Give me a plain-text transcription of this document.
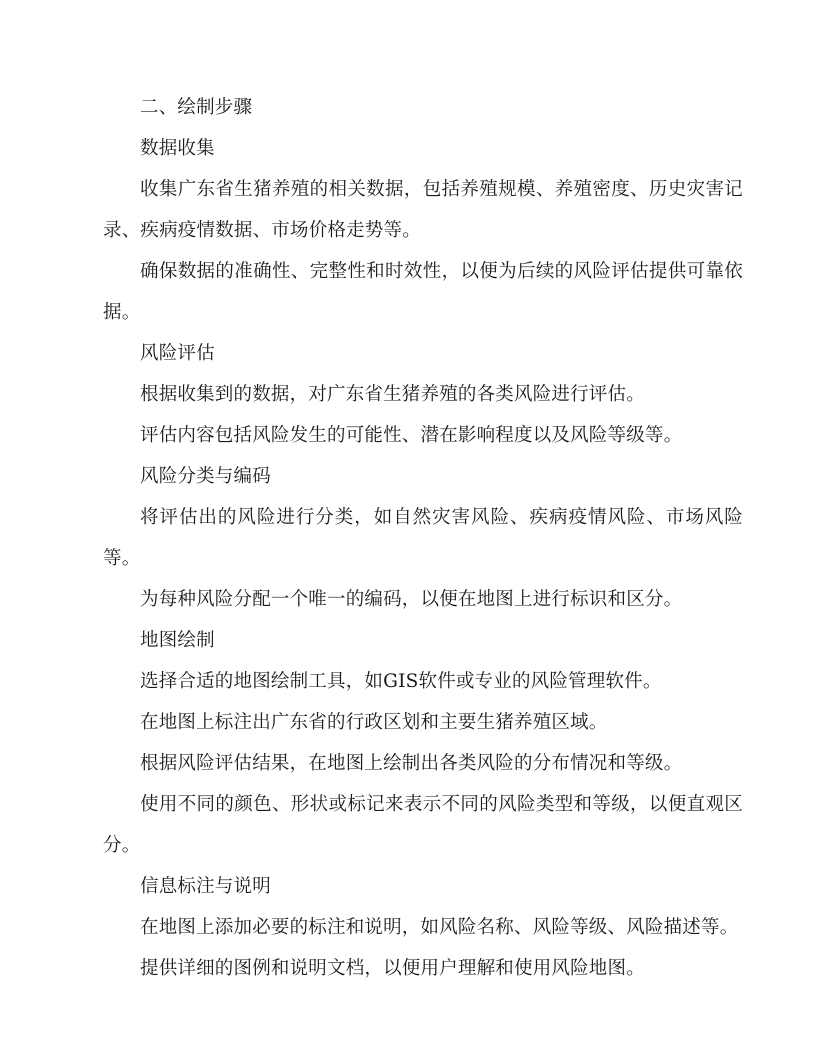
二、绘制步骤

数据收集

收集广东省生猪养殖的相关数据，包括养殖规模、养殖密度、历史灾害记录、疾病疫情数据、市场价格走势等。

确保数据的准确性、完整性和时效性，以便为后续的风险评估提供可靠依据。

风险评估

根据收集到的数据，对广东省生猪养殖的各类风险进行评估。

评估内容包括风险发生的可能性、潜在影响程度以及风险等级等。

风险分类与编码

将评估出的风险进行分类，如自然灾害风险、疾病疫情风险、市场风险等。

为每种风险分配一个唯一的编码，以便在地图上进行标识和区分。

地图绘制

选择合适的地图绘制工具，如GIS软件或专业的风险管理软件。

在地图上标注出广东省的行政区划和主要生猪养殖区域。

根据风险评估结果，在地图上绘制出各类风险的分布情况和等级。

使用不同的颜色、形状或标记来表示不同的风险类型和等级，以便直观区分。

信息标注与说明

在地图上添加必要的标注和说明，如风险名称、风险等级、风险描述等。

提供详细的图例和说明文档，以便用户理解和使用风险地图。
